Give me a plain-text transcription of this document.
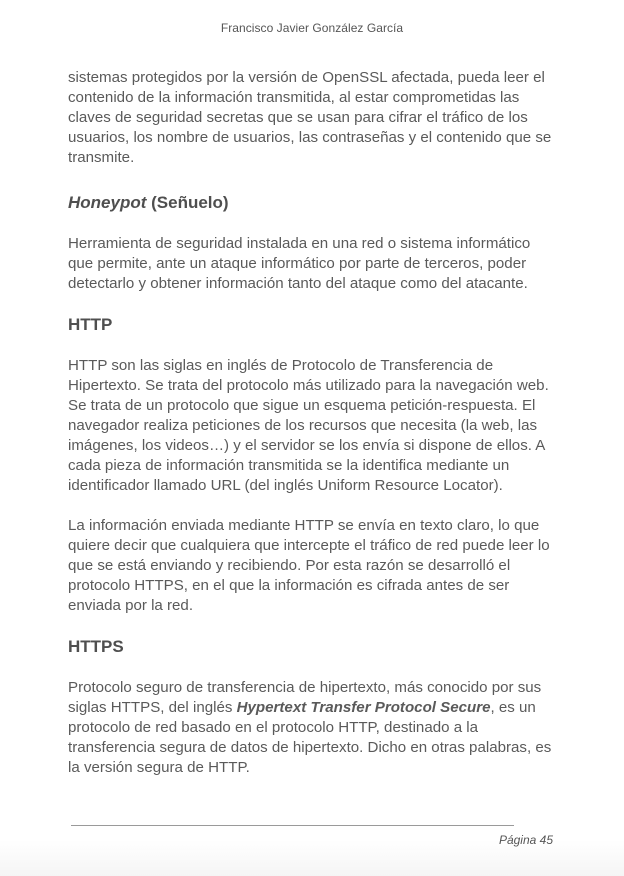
Francisco Javier González García

sistemas protegidos por la versión de OpenSSL afectada, pueda leer el contenido de la información transmitida, al estar comprometidas las claves de seguridad secretas que se usan para cifrar el tráfico de los usuarios, los nombre de usuarios, las contraseñas y el contenido que se transmite.

Honeypot (Señuelo)

Herramienta de seguridad instalada en una red o sistema informático que permite, ante un ataque informático por parte de terceros, poder detectarlo y obtener información tanto del ataque como del atacante.

HTTP

HTTP son las siglas en inglés de Protocolo de Transferencia de Hipertexto. Se trata del protocolo más utilizado para la navegación web. Se trata de un protocolo que sigue un esquema petición-respuesta. El navegador realiza peticiones de los recursos que necesita (la web, las imágenes, los videos…) y el servidor se los envía si dispone de ellos. A cada pieza de información transmitida se la identifica mediante un identificador llamado URL (del inglés Uniform Resource Locator).

La información enviada mediante HTTP se envía en texto claro, lo que quiere decir que cualquiera que intercepte el tráfico de red puede leer lo que se está enviando y recibiendo. Por esta razón se desarrolló el protocolo HTTPS, en el que la información es cifrada antes de ser enviada por la red.

HTTPS

Protocolo seguro de transferencia de hipertexto, más conocido por sus siglas HTTPS, del inglés Hypertext Transfer Protocol Secure, es un protocolo de red basado en el protocolo HTTP, destinado a la transferencia segura de datos de hipertexto. Dicho en otras palabras, es la versión segura de HTTP.

Página 45
